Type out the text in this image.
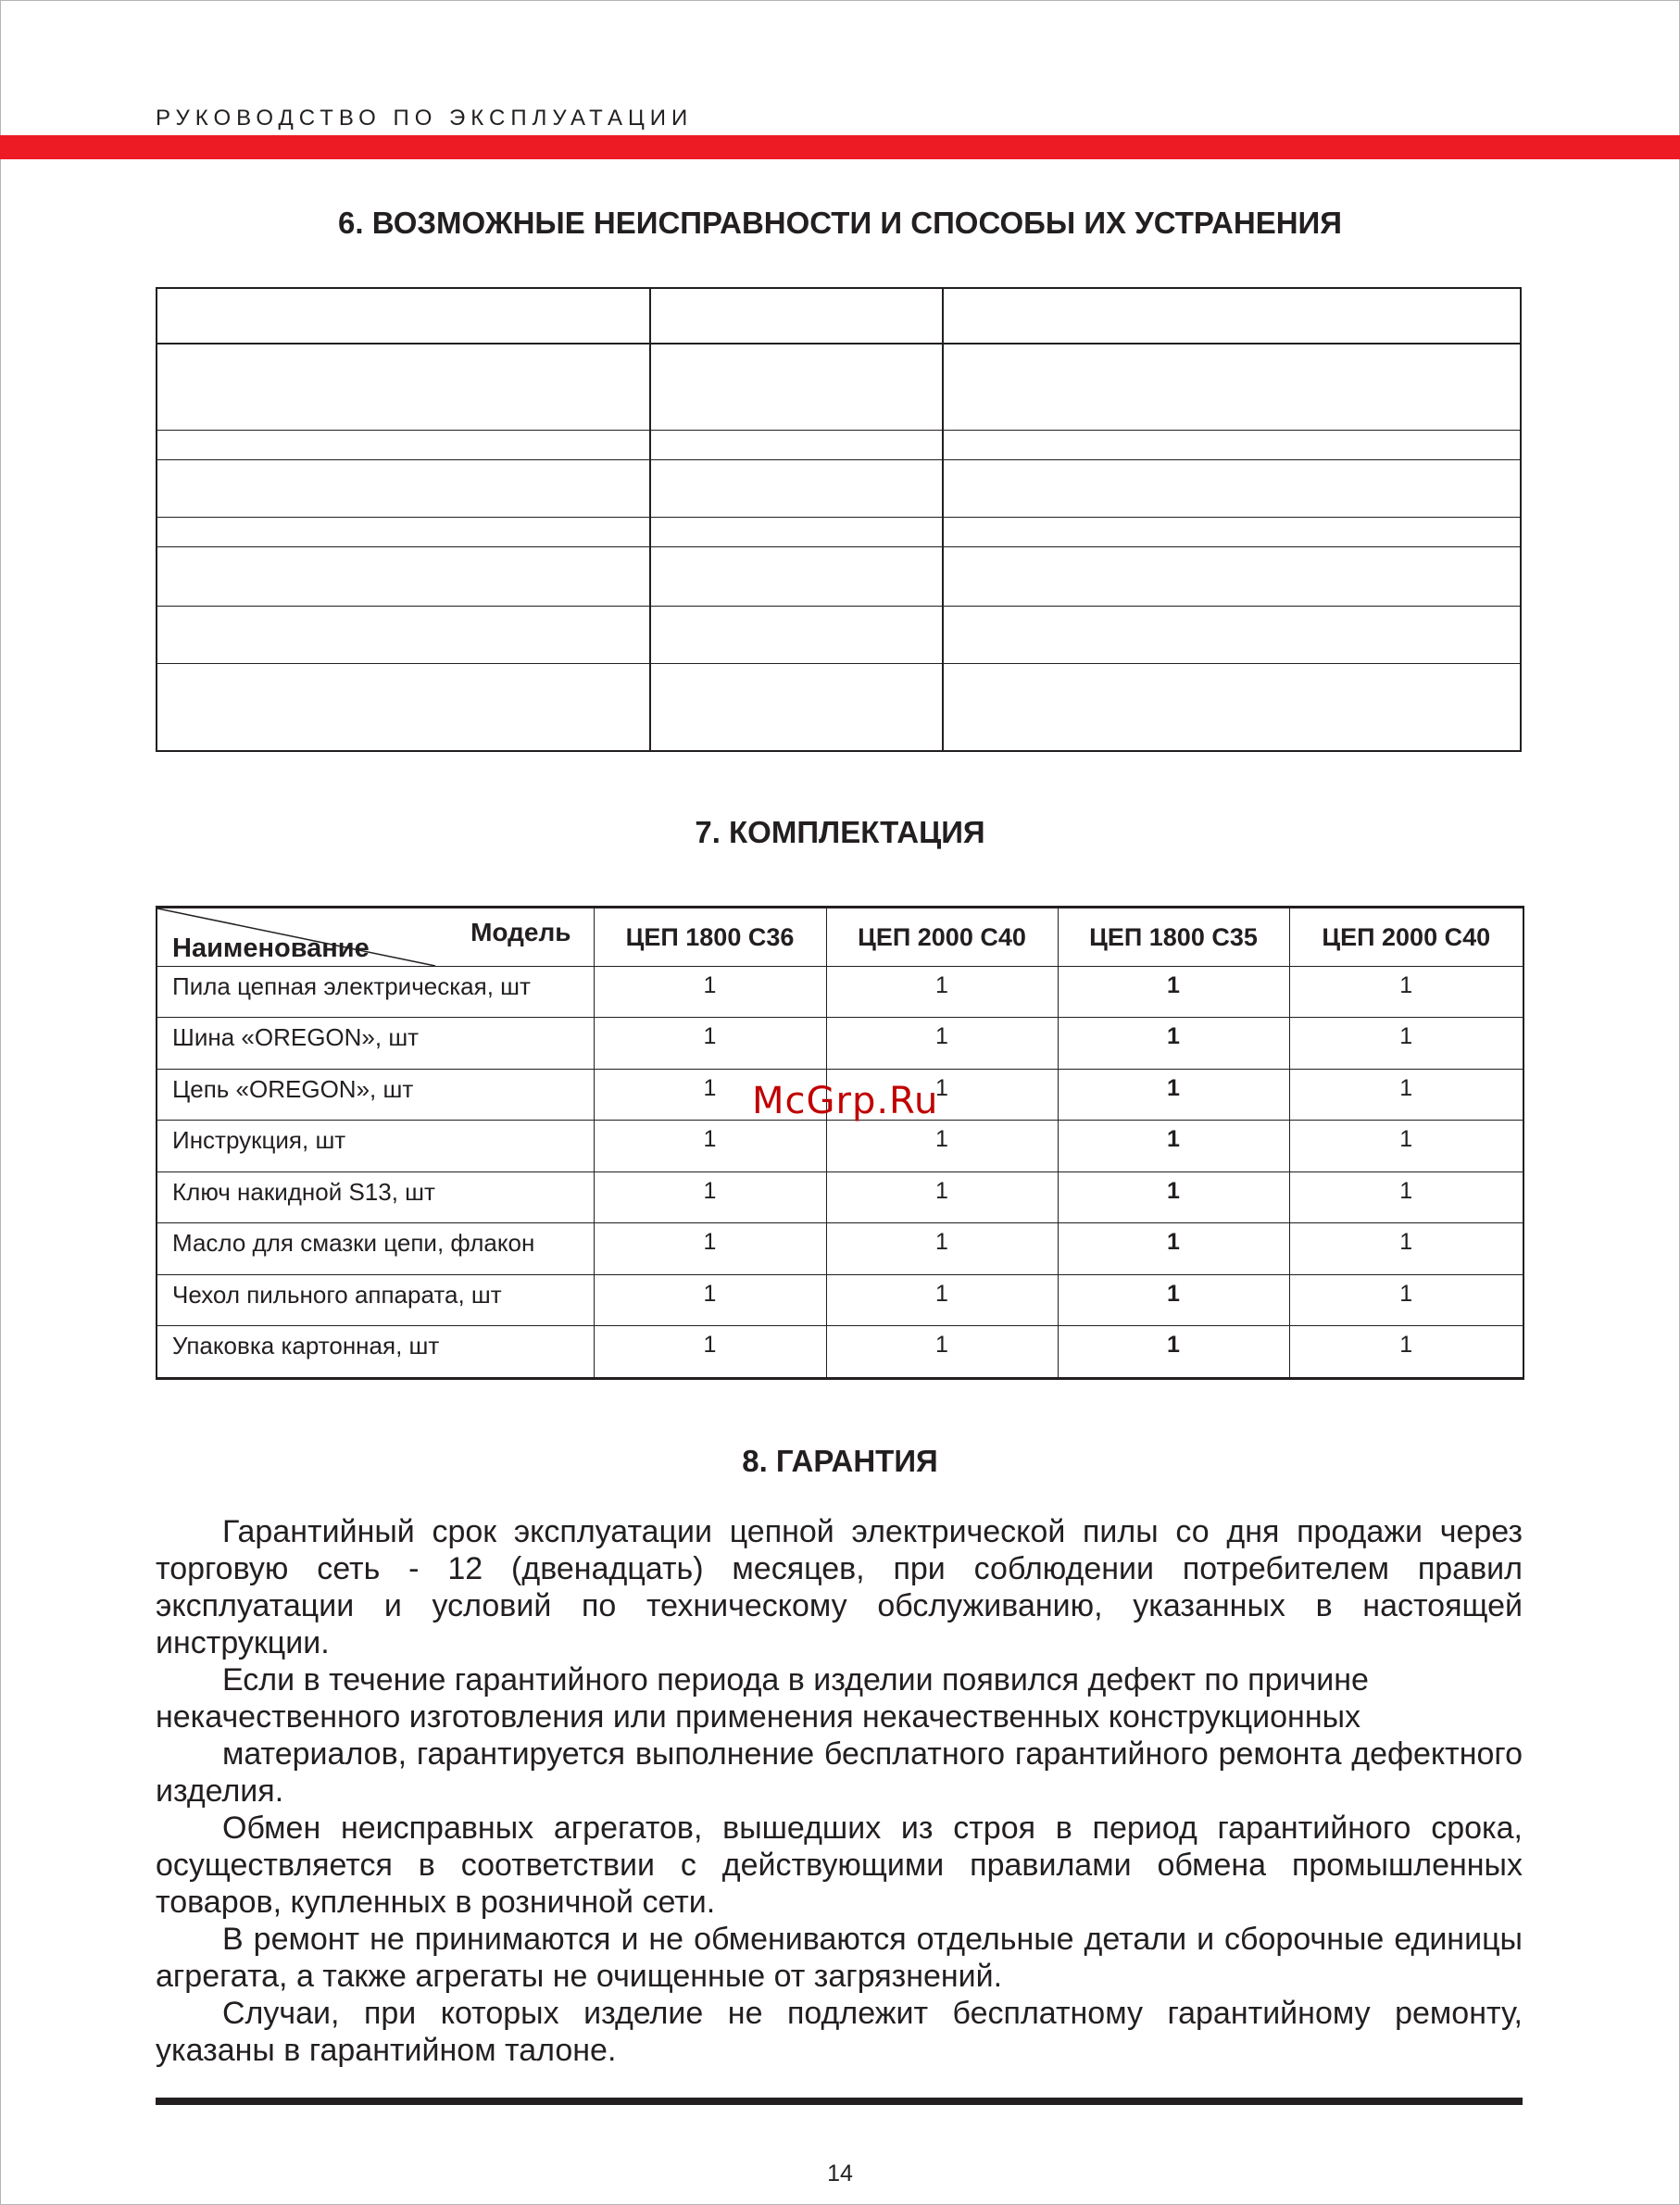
РУКОВОДСТВО ПО ЭКСПЛУАТАЦИИ
6. ВОЗМОЖНЫЕ НЕИСПРАВНОСТИ И СПОСОБЫ ИХ УСТРАНЕНИЯ
7. КОМПЛЕКТАЦИЯ
Модель
Наименование	ЦЕП 1800 С36	ЦЕП 2000 С40	ЦЕП 1800 С35	ЦЕП 2000 С40
Пила цепная электрическая, шт	1	1	1	1
Шина «OREGON», шт	1	1	1	1
Цепь «OREGON», шт	1	1	1	1
Инструкция, шт	1	1	1	1
Ключ накидной S13, шт	1	1	1	1
Масло для смазки цепи, флакон	1	1	1	1
Чехол пильного аппарата, шт	1	1	1	1
Упаковка картонная, шт	1	1	1	1
McGrp.Ru
8. ГАРАНТИЯ

Гарантийный срок эксплуатации цепной электрической пилы со дня продажи через торговую сеть - 12 (двенадцать) месяцев, при соблюдении потребителем правил эксплуатации и условий по техническому обслуживанию, указанных в настоящей инструкции.

Если в течение гарантийного периода в изделии появился дефект по причине некачественного изготовления или применения некачественных конструкционных

материалов, гарантируется выполнение бесплатного гарантийного ремонта дефектного изделия.

Обмен неисправных агрегатов, вышедших из строя в период гарантийного срока, осуществляется в соответствии с действующими правилами обмена промышленных товаров, купленных в розничной сети.

В ремонт не принимаются и не обмениваются отдельные детали и сборочные единицы агрегата, а также агрегаты не очищенные от загрязнений.

Случаи, при которых изделие не подлежит бесплатному гарантийному ремонту, указаны в гарантийном талоне.

14
